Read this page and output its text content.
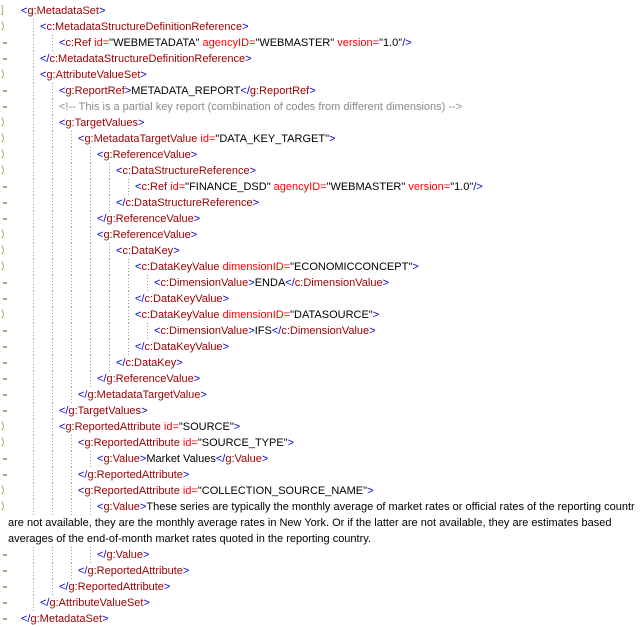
] <g:MetadataSet>
⟩	<c:MetadataStructureDefinitionReference>
<c:Ref id="WEBMETADATA" agencyID="WEBMASTER" version="1.0"/>
</c:MetadataStructureDefinitionReference>
⟩	<g:AttributeValueSet>
<g:ReportRef>METADATA_REPORT</g:ReportRef>
<!-- This is a partial key report (combination of codes from different dimensions) -->
⟩	<g:TargetValues>
⟩	<g:MetadataTargetValue id="DATA_KEY_TARGET">
⟩	<g:ReferenceValue>
⟩	<c:DataStructureReference>
<c:Ref id="FINANCE_DSD" agencyID="WEBMASTER" version="1.0"/>
</c:DataStructureReference>
</g:ReferenceValue>
⟩	<g:ReferenceValue>
⟩	<c:DataKey>
⟩	<c:DataKeyValue dimensionID="ECONOMICCONCEPT">
<c:DimensionValue>ENDA</c:DimensionValue>
</c:DataKeyValue>
⟩	<c:DataKeyValue dimensionID="DATASOURCE">
<c:DimensionValue>IFS</c:DimensionValue>
</c:DataKeyValue>
</c:DataKey>
</g:ReferenceValue>
</g:MetadataTargetValue>
</g:TargetValues>
⟩	<g:ReportedAttribute id="SOURCE">
⟩	<g:ReportedAttribute id="SOURCE_TYPE">
<g:Value>Market Values</g:Value>
</g:ReportedAttribute>
⟩	<g:ReportedAttribute id="COLLECTION_SOURCE_NAME">
⟩	<g:Value>These series are typically the monthly average of market rates or official rates of the reporting countr
are not available, they are the monthly average rates in New York. Or if the latter are not available, they are estimates based
averages of the end-of-month market rates quoted in the reporting country.
</g:Value>
</g:ReportedAttribute>
</g:ReportedAttribute>
</g:AttributeValueSet>
</g:MetadataSet>
